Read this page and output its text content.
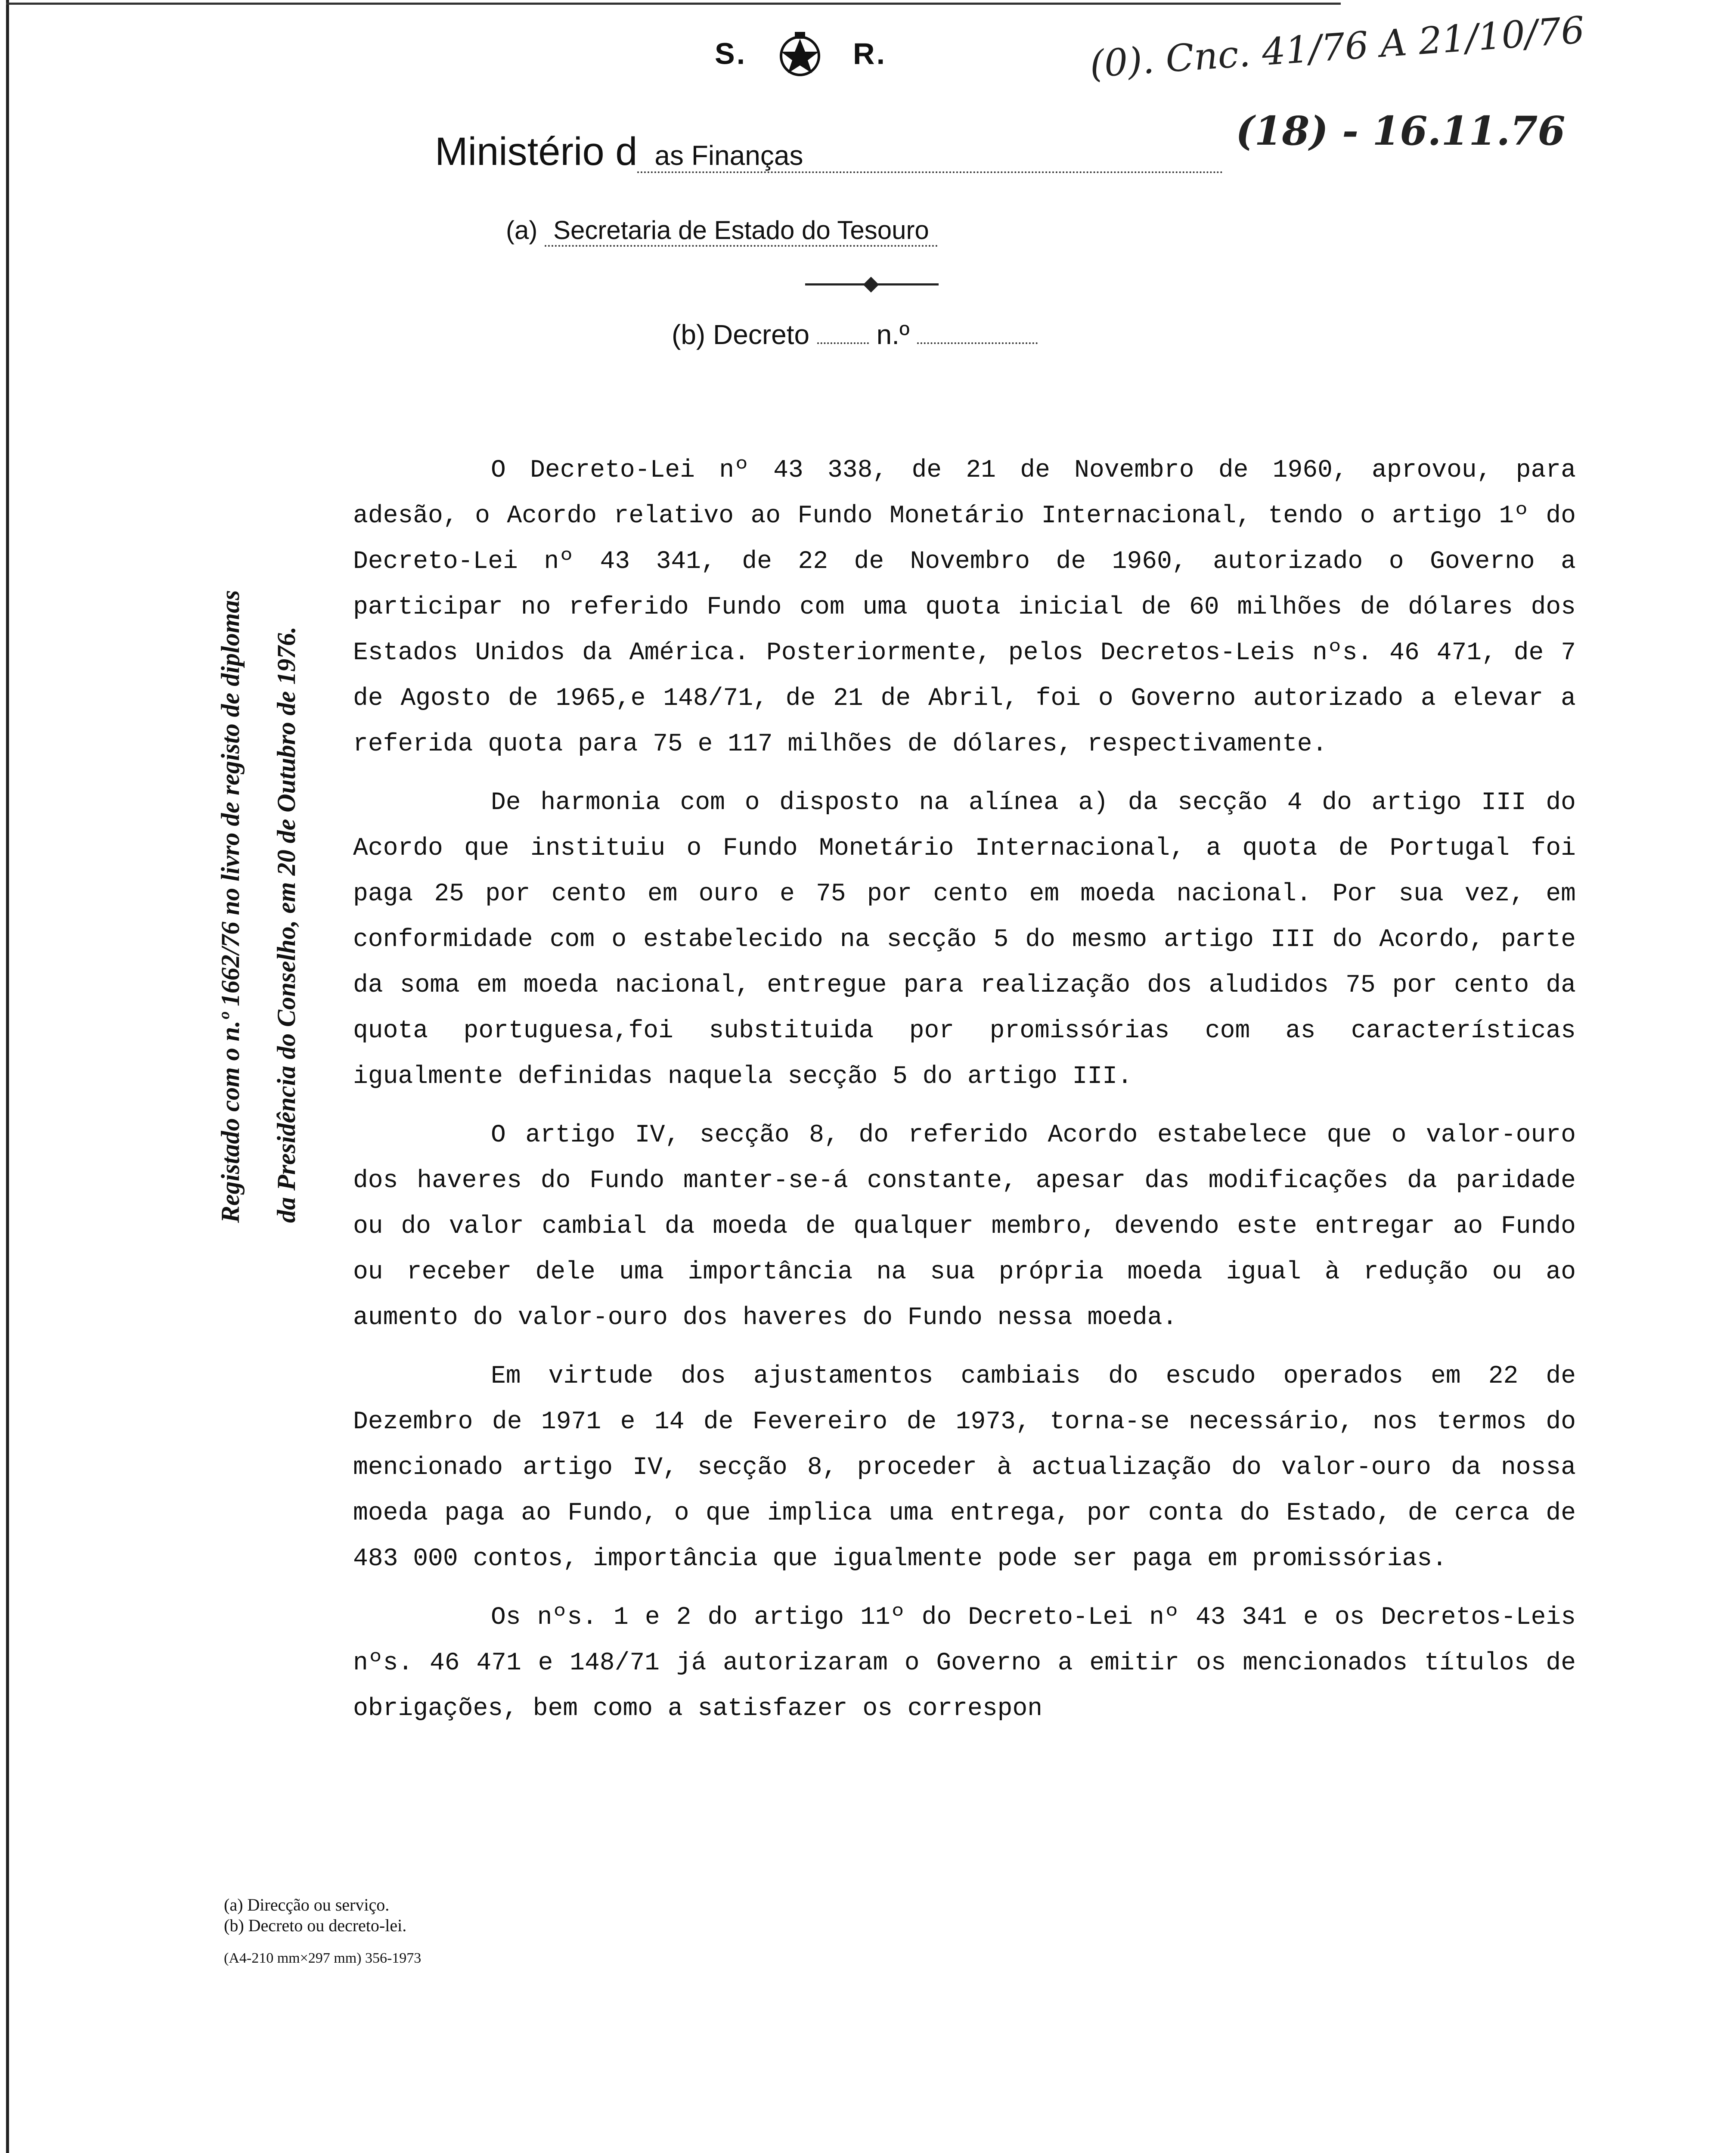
S.	R.	(0). Cnc. 41/76 A 21/10/76
(18) - 16.11.76
Ministério d as Finanças
(a) Secretaria de Estado do Tesouro
(b) Decreto n.º
Registado com o n.º 1662/76 no livro de registo de diplomas	da Presidência do Conselho, em 20 de Outubro de 1976.

O Decreto-Lei nº 43 338, de 21 de Novembro de 1960, aprovou, para adesão, o Acordo relativo ao Fundo Monetário Internacional, tendo o artigo 1º do Decreto-Lei nº 43 341, de 22 de Novembro de 1960, autorizado o Governo a participar no referido Fundo com uma quota inicial de 60 milhões de dólares dos Estados Unidos da América. Posteriormente, pelos Decretos-Leis nºs. 46 471, de 7 de Agosto de 1965,e 148/71, de 21 de Abril, foi o Governo autorizado a elevar a referida quota para 75 e 117 milhões de dólares, respectivamente.

De harmonia com o disposto na alínea a) da secção 4 do artigo III do Acordo que instituiu o Fundo Monetário Internacional, a quota de Portugal foi paga 25 por cento em ouro e 75 por cento em moeda nacional. Por sua vez, em conformidade com o estabelecido na secção 5 do mesmo artigo III do Acordo, parte da soma em moeda nacional, entregue para realização dos aludidos 75 por cento da quota portuguesa,foi substituida por promissórias com as características igualmente definidas naquela secção 5 do artigo III.

O artigo IV, secção 8, do referido Acordo estabelece que o valor-ouro dos haveres do Fundo manter-se-á constante, apesar das modificações da paridade ou do valor cambial da moeda de qualquer membro, devendo este entregar ao Fundo ou receber dele uma importância na sua própria moeda igual à redução ou ao aumento do valor-ouro dos haveres do Fundo nessa moeda.

Em virtude dos ajustamentos cambiais do escudo operados em 22 de Dezembro de 1971 e 14 de Fevereiro de 1973, torna-se necessário, nos termos do mencionado artigo IV, secção 8, proceder à actualização do valor-ouro da nossa moeda paga ao Fundo, o que implica uma entrega, por conta do Estado, de cerca de 483 000 contos, importância que igualmente pode ser paga em promissórias.

Os nºs. 1 e 2 do artigo 11º do Decreto-Lei nº 43 341 e os Decretos-Leis nºs. 46 471 e 148/71 já autorizaram o Governo a emitir os mencionados títulos de obrigações, bem como a satisfazer os correspon

(a) Direcção ou serviço.
(b) Decreto ou decreto-lei.
(A4-210 mm×297 mm) 356-1973
